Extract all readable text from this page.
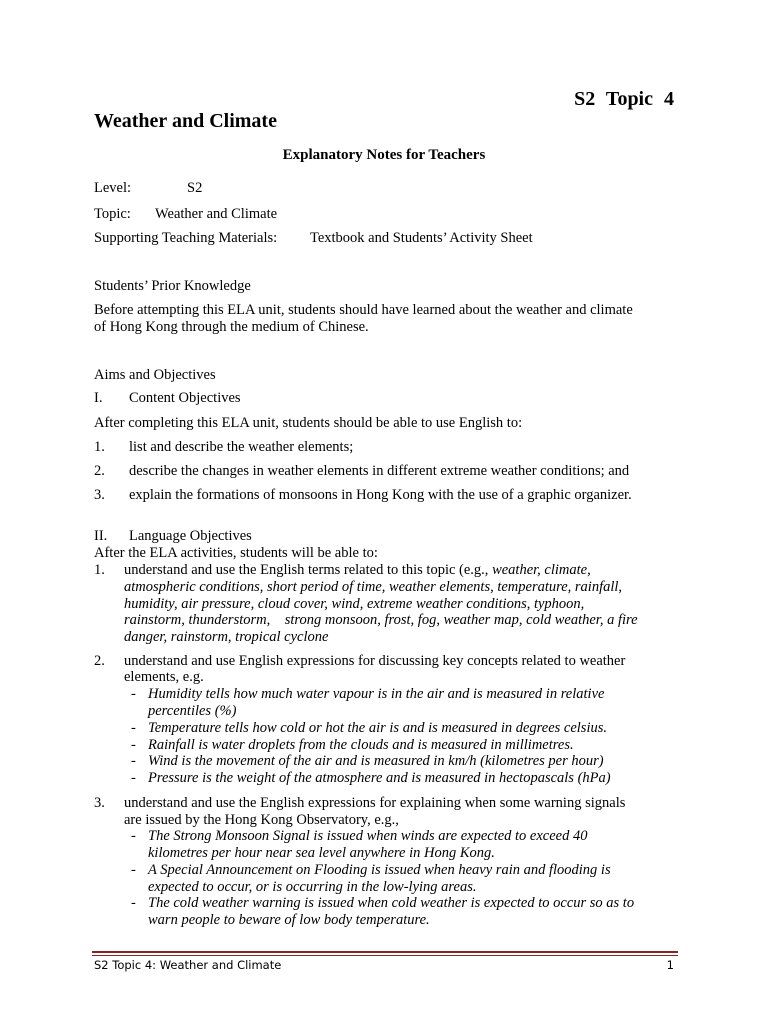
S2 Topic 4
Weather and Climate
Explanatory Notes for Teachers
Level:	S2
Topic: Weather and Climate
Supporting Teaching Materials: Textbook and Students’ Activity Sheet
Students’ Prior Knowledge
Before attempting this ELA unit, students should have learned about the weather and climate
of Hong Kong through the medium of Chinese.
Aims and Objectives
I. Content Objectives
After completing this ELA unit, students should be able to use English to:
1. list and describe the weather elements;
2. describe the changes in weather elements in different extreme weather conditions; and
3. explain the formations of monsoons in Hong Kong with the use of a graphic organizer.
II. Language Objectives
After the ELA activities, students will be able to:
1. understand and use the English terms related to this topic (e.g., weather, climate,
atmospheric conditions, short period of time, weather elements, temperature, rainfall,
humidity, air pressure, cloud cover, wind, extreme weather conditions, typhoon,
rainstorm, thunderstorm,    strong monsoon, frost, fog, weather map, cold weather, a fire
danger, rainstorm, tropical cyclone
2. understand and use English expressions for discussing key concepts related to weather
elements, e.g.
- Humidity tells how much water vapour is in the air and is measured in relative
percentiles (%)
- Temperature tells how cold or hot the air is and is measured in degrees celsius.
- Rainfall is water droplets from the clouds and is measured in millimetres.
- Wind is the movement of the air and is measured in km/h (kilometres per hour)
- Pressure is the weight of the atmosphere and is measured in hectopascals (hPa)
3. understand and use the English expressions for explaining when some warning signals
are issued by the Hong Kong Observatory, e.g.,
- The Strong Monsoon Signal is issued when winds are expected to exceed 40
kilometres per hour near sea level anywhere in Hong Kong.
- A Special Announcement on Flooding is issued when heavy rain and flooding is
expected to occur, or is occurring in the low-lying areas.
- The cold weather warning is issued when cold weather is expected to occur so as to
warn people to beware of low body temperature.
S2 Topic 4: Weather and Climate	1
